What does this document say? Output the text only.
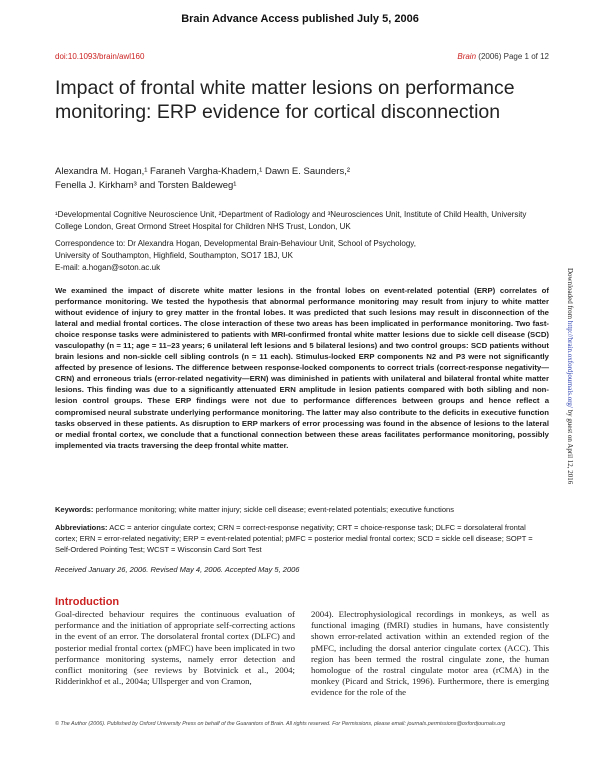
Brain Advance Access published July 5, 2006
doi:10.1093/brain/awl160	Brain (2006) Page 1 of 12
Impact of frontal white matter lesions on performance monitoring: ERP evidence for cortical disconnection
Alexandra M. Hogan,¹ Faraneh Vargha-Khadem,¹ Dawn E. Saunders,²
Fenella J. Kirkham³ and Torsten Baldeweg¹
¹Developmental Cognitive Neuroscience Unit, ²Department of Radiology and ³Neurosciences Unit, Institute of Child Health, University College London, Great Ormond Street Hospital for Children NHS Trust, London, UK
Correspondence to: Dr Alexandra Hogan, Developmental Brain-Behaviour Unit, School of Psychology,
University of Southampton, Highfield, Southampton, SO17 1BJ, UK
E-mail: a.hogan@soton.ac.uk
We examined the impact of discrete white matter lesions in the frontal lobes on event-related potential (ERP) correlates of performance monitoring. We tested the hypothesis that abnormal performance monitoring may result from injury to white matter without evidence of injury to grey matter in the frontal lobes. It was predicted that such lesions may result in disconnection of the lateral and medial frontal cortices. The close interaction of these two areas has been implicated in performance monitoring. Two fast-choice response tasks were administered to patients with MRI-confirmed frontal white matter lesions due to sickle cell disease (SCD) vasculopathy (n = 11; age = 11–23 years; 6 unilateral left lesions and 5 bilateral lesions) and two control groups: SCD patients without brain lesions and non-sickle cell sibling controls (n = 11 each). Stimulus-locked ERP components N2 and P3 were not significantly affected by presence of lesions. The difference between response-locked components to correct trials (correct-response negativity—CRN) and erroneous trials (error-related negativity—ERN) was diminished in patients with unilateral and bilateral frontal white matter lesions. This finding was due to a significantly attenuated ERN amplitude in lesion patients compared with both sibling and non-lesion control groups. These ERP findings were not due to performance differences between groups and hence reflect a compromised neural substrate underlying performance monitoring. The latter may also contribute to the deficits in executive function tasks observed in these patients. As disruption to ERP markers of error processing was found in the absence of lesions to the lateral or medial frontal cortex, we conclude that a functional connection between these areas facilitates performance monitoring, possibly implemented via tracts traversing the deep frontal white matter.
Keywords: performance monitoring; white matter injury; sickle cell disease; event-related potentials; executive functions
Abbreviations: ACC = anterior cingulate cortex; CRN = correct-response negativity; CRT = choice-response task; DLFC = dorsolateral frontal cortex; ERN = error-related negativity; ERP = event-related potential; pMFC = posterior medial frontal cortex; SCD = sickle cell disease; SOPT = Self-Ordered Pointing Test; WCST = Wisconsin Card Sort Test
Received January 26, 2006. Revised May 4, 2006. Accepted May 5, 2006
Introduction
Goal-directed behaviour requires the continuous evaluation of performance and the initiation of appropriate self-correcting actions in the event of an error. The dorsolateral frontal cortex (DLFC) and posterior medial frontal cortex (pMFC) have been implicated in two performance monitoring systems, namely error detection and conflict monitoring (see reviews by Botvinick et al., 2004; Ridderinkhof et al., 2004a; Ullsperger and von Cramon,
2004). Electrophysiological recordings in monkeys, as well as functional imaging (fMRI) studies in humans, have consistently shown error-related activation within an extended region of the pMFC, including the dorsal anterior cingulate cortex (ACC). This region has been termed the rostral cingulate zone, the human homologue of the rostral cingulate motor area (rCMA) in the monkey (Picard and Strick, 1996). Furthermore, there is emerging evidence for the role of the
Downloaded from http://brain.oxfordjournals.org/ by guest on April 12, 2016
© The Author (2006). Published by Oxford University Press on behalf of the Guarantors of Brain. All rights reserved. For Permissions, please email: journals.permissions@oxfordjournals.org
